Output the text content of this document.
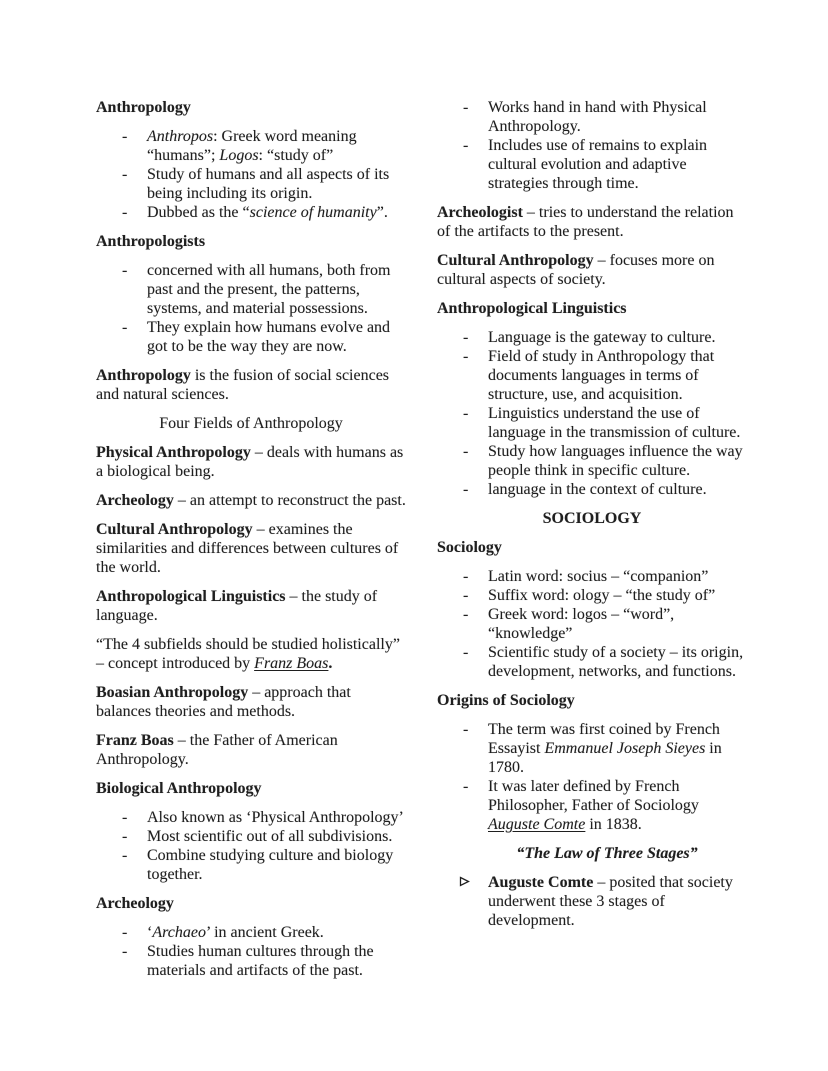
Anthropology
- Anthropos: Greek word meaning “humans”; Logos: “study of”
- Study of humans and all aspects of its being including its origin.
- Dubbed as the “science of humanity”.
Anthropologists
- concerned with all humans, both from past and the present, the patterns, systems, and material possessions.
- They explain how humans evolve and got to be the way they are now.
Anthropology is the fusion of social sciences and natural sciences.
Four Fields of Anthropology
Physical Anthropology – deals with humans as a biological being.
Archeology – an attempt to reconstruct the past.
Cultural Anthropology – examines the similarities and differences between cultures of the world.
Anthropological Linguistics – the study of language.
“The 4 subfields should be studied holistically” – concept introduced by Franz Boas.
Boasian Anthropology – approach that balances theories and methods.
Franz Boas – the Father of American Anthropology.
Biological Anthropology
- Also known as ‘Physical Anthropology’
- Most scientific out of all subdivisions.
- Combine studying culture and biology together.
Archeology
- ‘Archaeo’ in ancient Greek.
- Studies human cultures through the materials and artifacts of the past.
- Works hand in hand with Physical Anthropology.
- Includes use of remains to explain cultural evolution and adaptive strategies through time.
Archeologist – tries to understand the relation of the artifacts to the present.
Cultural Anthropology – focuses more on cultural aspects of society.
Anthropological Linguistics
- Language is the gateway to culture.
- Field of study in Anthropology that documents languages in terms of structure, use, and acquisition.
- Linguistics understand the use of language in the transmission of culture.
- Study how languages influence the way people think in specific culture.
- language in the context of culture.
SOCIOLOGY
Sociology
- Latin word: socius – “companion”
- Suffix word: ology – “the study of”
- Greek word: logos – “word”, “knowledge”
- Scientific study of a society – its origin, development, networks, and functions.
Origins of Sociology
- The term was first coined by French Essayist Emmanuel Joseph Sieyes in 1780.
- It was later defined by French Philosopher, Father of Sociology Auguste Comte in 1838.
“The Law of Three Stages”
Auguste Comte – posited that society underwent these 3 stages of development.
